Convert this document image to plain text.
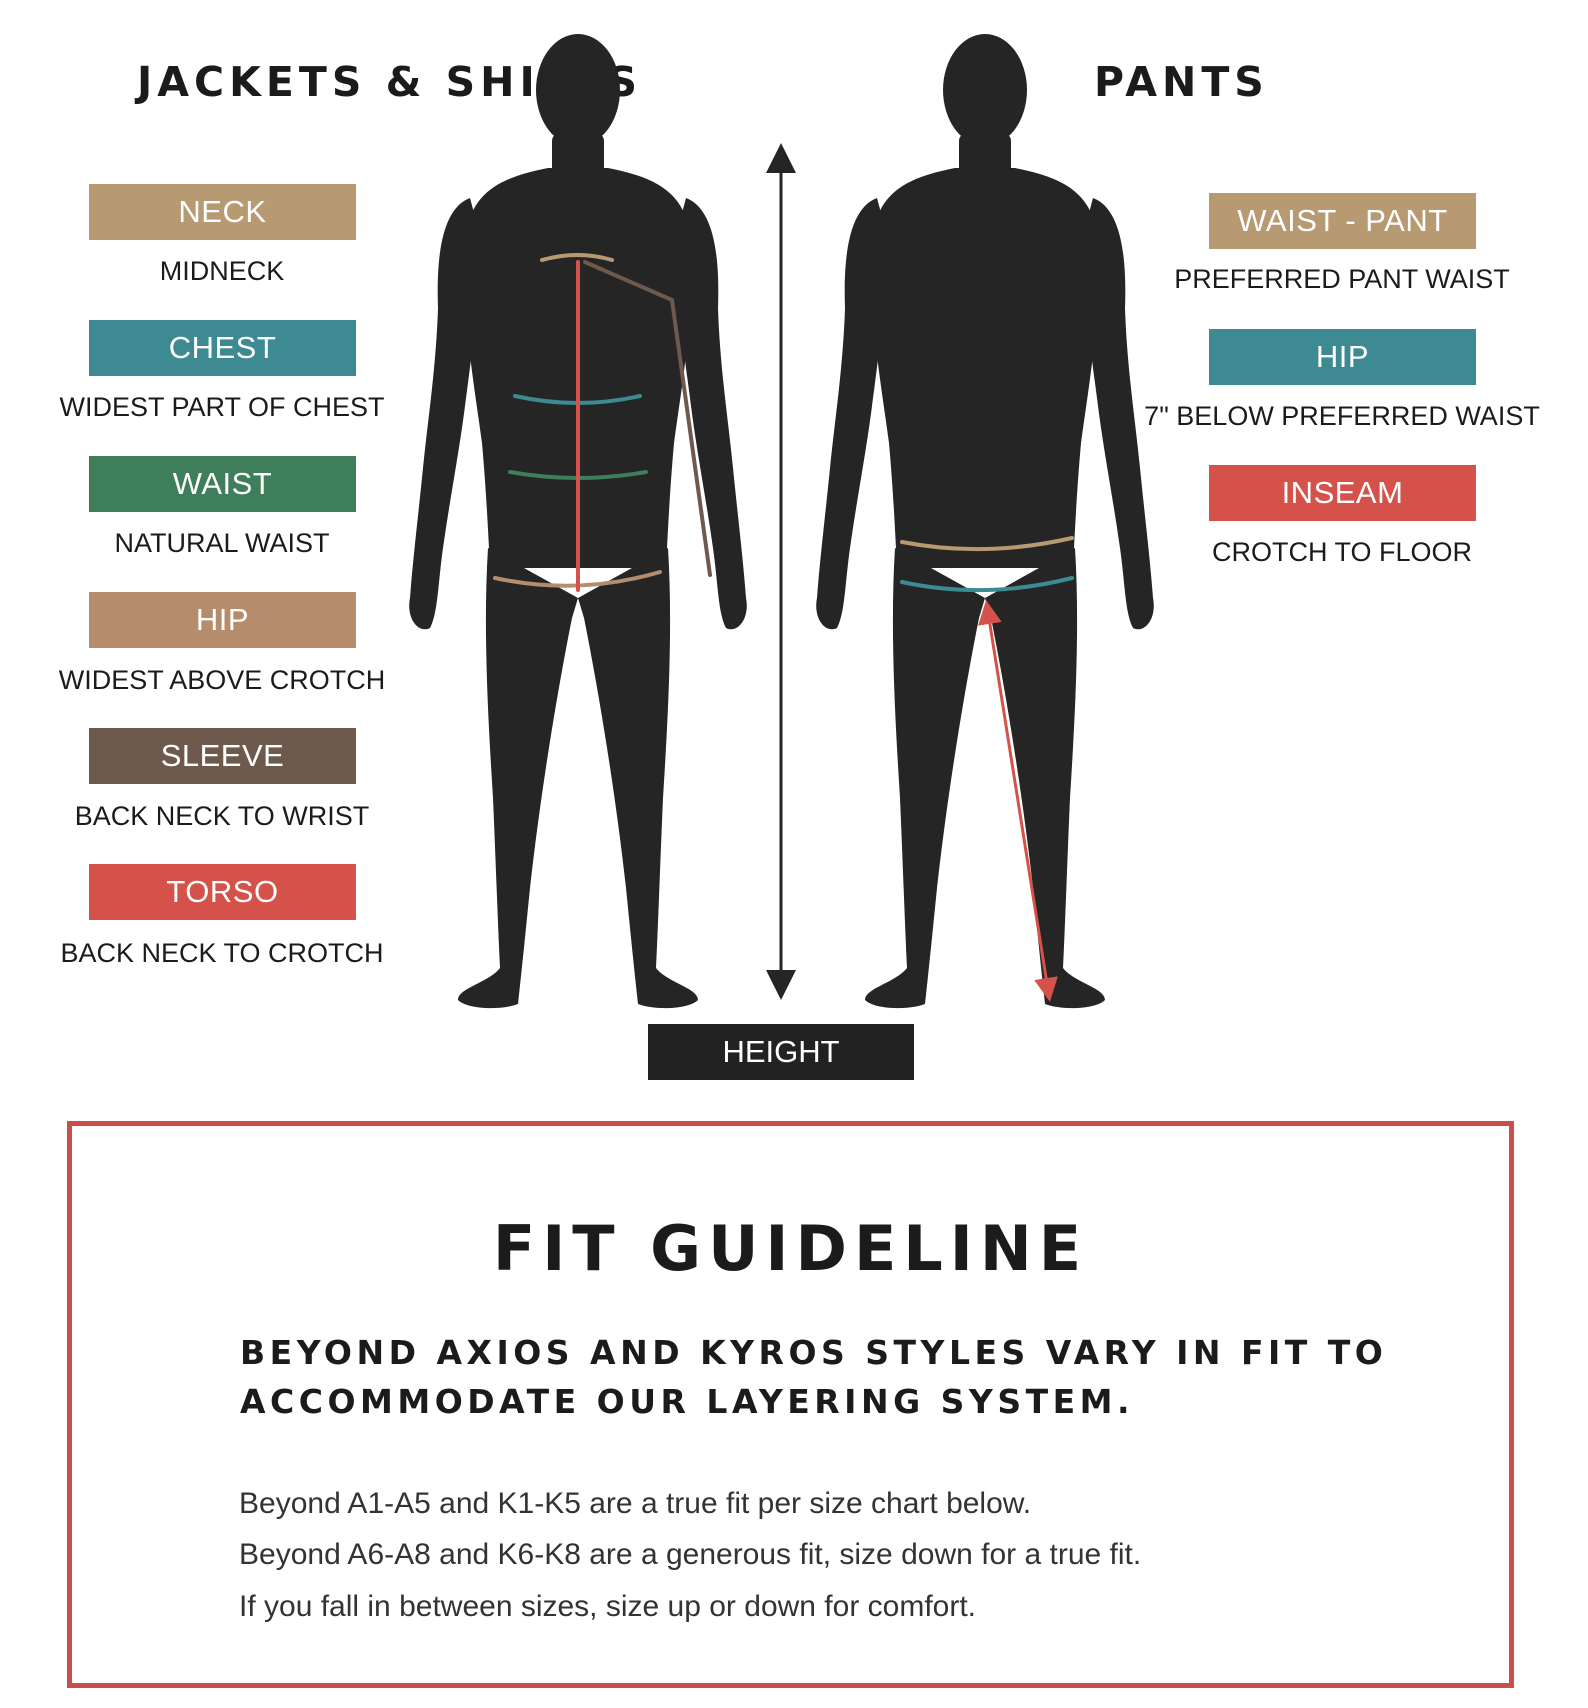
JACKETS & SHIRTS	PANTS
NECK
MIDNECK
CHEST
WIDEST PART OF CHEST
WAIST
NATURAL WAIST
HIP
WIDEST ABOVE CROTCH
SLEEVE
BACK NECK TO WRIST
TORSO
BACK NECK TO CROTCH
WAIST - PANT
PREFERRED PANT WAIST
HIP
7" BELOW PREFERRED WAIST
INSEAM
CROTCH TO FLOOR
HEIGHT
FIT GUIDELINE
BEYOND AXIOS AND KYROS STYLES VARY IN FIT TO
ACCOMMODATE OUR LAYERING SYSTEM.
Beyond A1-A5 and K1-K5 are a true fit per size chart below.
Beyond A6-A8 and K6-K8 are a generous fit, size down for a true fit.
If you fall in between sizes, size up or down for comfort.
